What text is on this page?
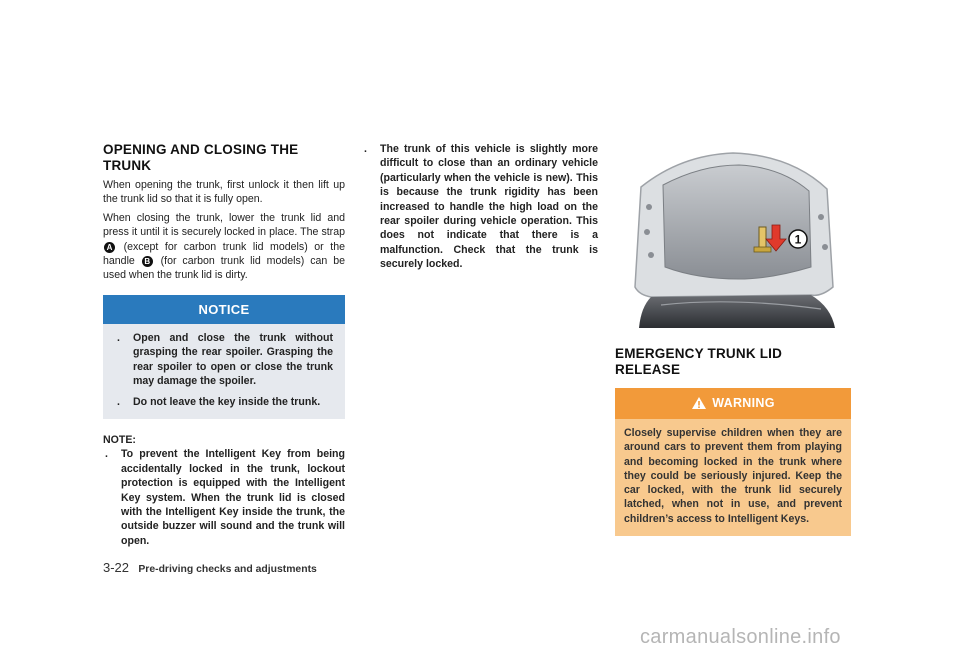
OPENING AND CLOSING THE
TRUNK

When opening the trunk, first unlock it then lift up the trunk lid so that it is fully open.

When closing the trunk, lower the trunk lid and press it until it is securely locked in place. The strap A (except for carbon trunk lid models) or the handle B (for carbon trunk lid models) can be used when the trunk lid is dirty.

NOTICE
. Open and close the trunk without grasping the rear spoiler. Grasping the rear spoiler to open or close the trunk may damage the spoiler.
. Do not leave the key inside the trunk.
NOTE:
. To prevent the Intelligent Key from being accidentally locked in the trunk, lockout protection is equipped with the Intelligent Key system. When the trunk lid is closed with the Intelligent Key inside the trunk, the outside buzzer will sound and the trunk will open.
. The trunk of this vehicle is slightly more difficult to close than an ordinary vehicle (particularly when the vehicle is new). This is because the trunk rigidity has been increased to handle the high load on the rear spoiler during vehicle operation. This does not indicate that there is a malfunction. Check that the trunk is securely locked.
1
EMERGENCY TRUNK LID RELEASE
WARNING
Closely supervise children when they are around cars to prevent them from playing and becoming locked in the trunk where they could be seriously injured. Keep the car locked, with the trunk lid securely latched, when not in use, and prevent children’s access to Intelligent Keys.
3-22 Pre-driving checks and adjustments
carmanualsonline.info
